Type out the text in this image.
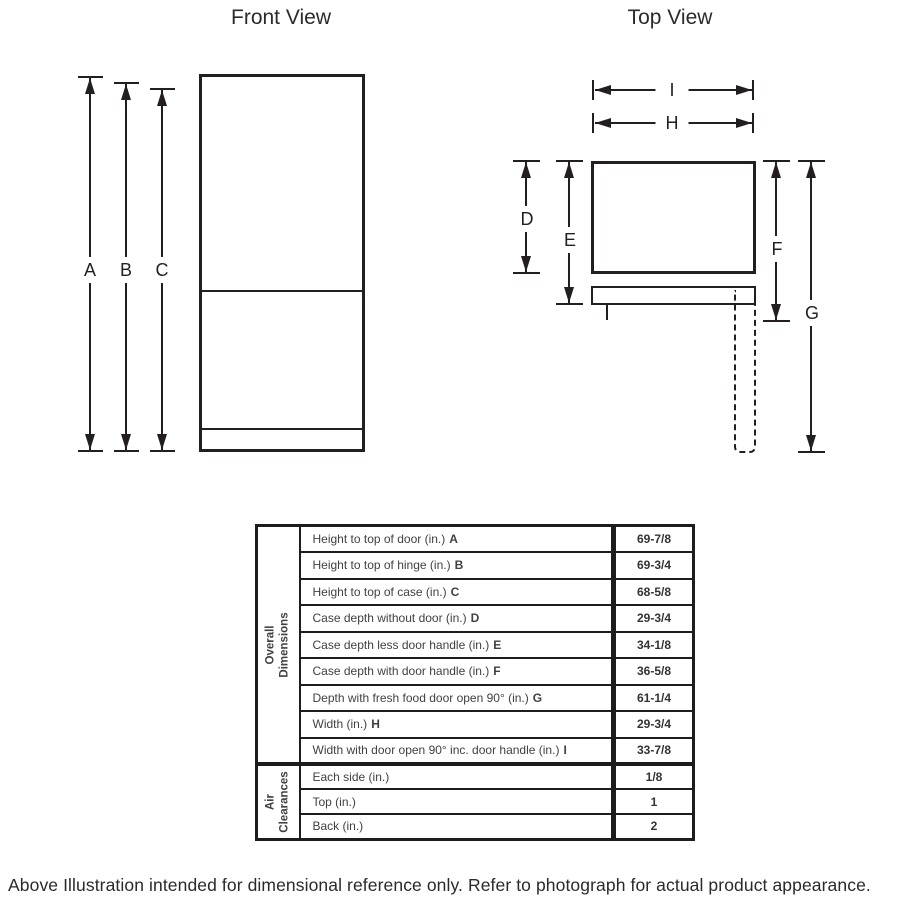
Front View
A B C
Top View
I
H
D
E	F
G
Overall Dimensions	Height to top of door (in.) A	69-7/8
	Height to top of hinge (in.) B	69-3/4
	Height to top of case (in.) C	68-5/8
	Case depth without door (in.) D	29-3/4
	Case depth less door handle (in.) E	34-1/8
	Case depth with door handle (in.) F	36-5/8
	Depth with fresh food door open 90° (in.) G	61-1/4
	Width (in.) H	29-3/4
	Width with door open 90° inc. door handle (in.) I	33-7/8

Air Clearances	Each side (in.)	1/8
	Top (in.)	1
	Back (in.)	2
Above Illustration intended for dimensional reference only. Refer to photograph for actual product appearance.
